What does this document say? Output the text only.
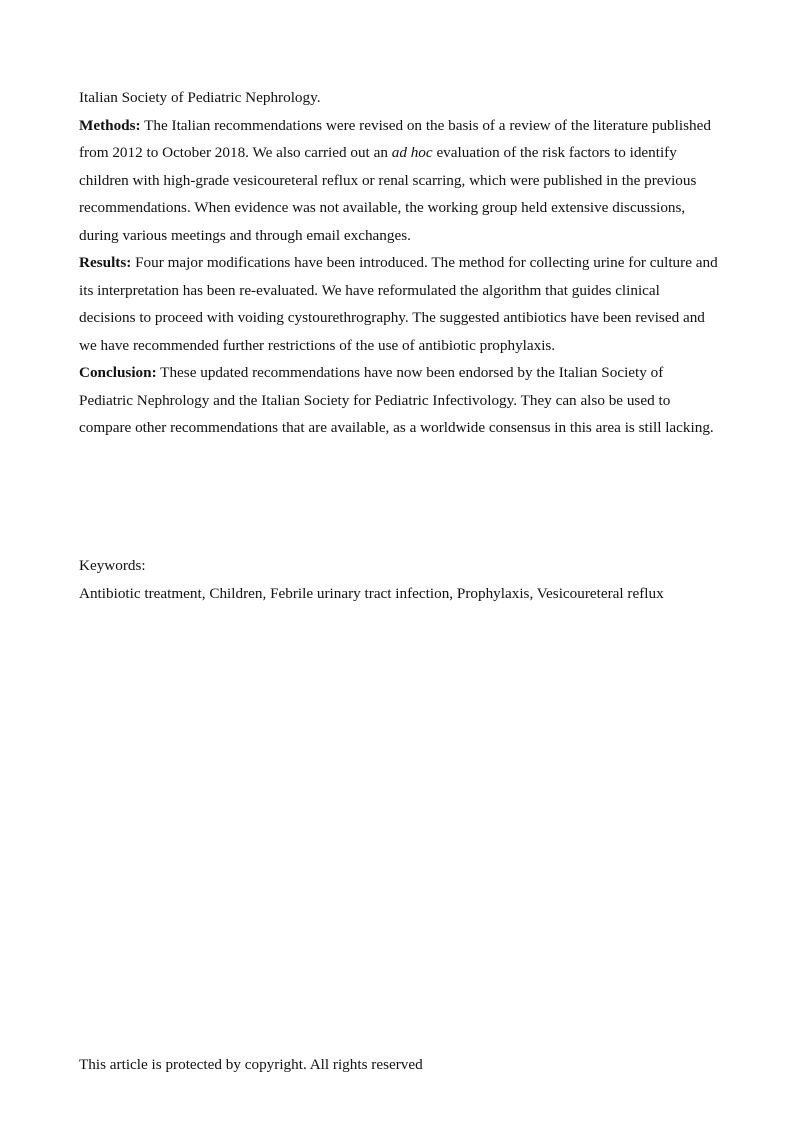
Italian Society of Pediatric Nephrology.

Methods: The Italian recommendations were revised on the basis of a review of the literature published from 2012 to October 2018. We also carried out an ad hoc evaluation of the risk factors to identify children with high-grade vesicoureteral reflux or renal scarring, which were published in the previous recommendations. When evidence was not available, the working group held extensive discussions, during various meetings and through email exchanges.

Results: Four major modifications have been introduced. The method for collecting urine for culture and its interpretation has been re-evaluated. We have reformulated the algorithm that guides clinical decisions to proceed with voiding cystourethrography. The suggested antibiotics have been revised and we have recommended further restrictions of the use of antibiotic prophylaxis.

Conclusion: These updated recommendations have now been endorsed by the Italian Society of Pediatric Nephrology and the Italian Society for Pediatric Infectivology. They can also be used to compare other recommendations that are available, as a worldwide consensus in this area is still lacking.

Keywords:
Antibiotic treatment, Children, Febrile urinary tract infection, Prophylaxis, Vesicoureteral reflux
This article is protected by copyright. All rights reserved
